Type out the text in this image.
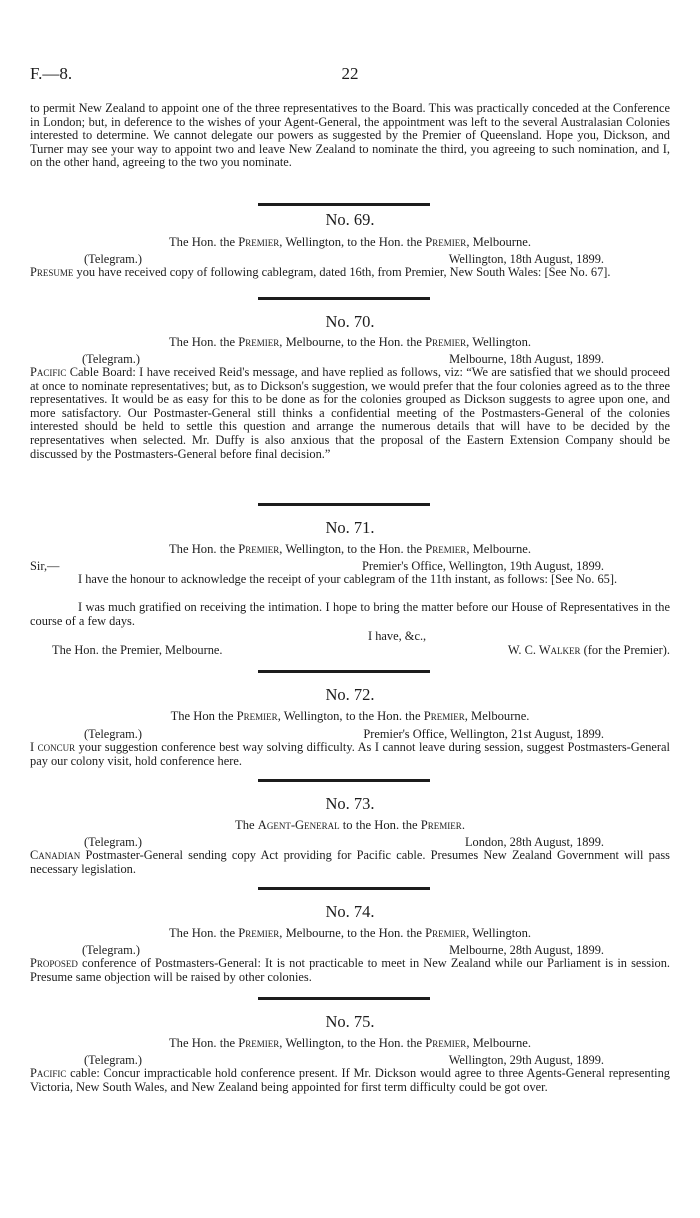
F.—8.	22

to permit New Zealand to appoint one of the three representatives to the Board. This was practically conceded at the Conference in London; but, in deference to the wishes of your Agent-General, the appointment was left to the several Australasian Colonies interested to determine. We cannot delegate our powers as suggested by the Premier of Queensland. Hope you, Dickson, and Turner may see your way to appoint two and leave New Zealand to nominate the third, you agreeing to such nomination, and I, on the other hand, agreeing to the two you nominate.

No. 69.
The Hon. the Premier, Wellington, to the Hon. the Premier, Melbourne.
(Telegram.)	Wellington, 18th August, 1899.

Presume you have received copy of following cablegram, dated 16th, from Premier, New South Wales: [See No. 67].

No. 70.
The Hon. the Premier, Melbourne, to the Hon. the Premier, Wellington.
(Telegram.)	Melbourne, 18th August, 1899.

Pacific Cable Board: I have received Reid's message, and have replied as follows, viz: “We are satisfied that we should proceed at once to nominate representatives; but, as to Dickson's suggestion, we would prefer that the four colonies agreed as to the three representatives. It would be as easy for this to be done as for the colonies grouped as Dickson suggests to agree upon one, and more satisfactory. Our Postmaster-General still thinks a confidential meeting of the Postmasters-General of the colonies interested should be held to settle this question and arrange the numerous details that will have to be decided by the representatives when selected. Mr. Duffy is also anxious that the proposal of the Eastern Extension Company should be discussed by the Postmasters-General before final decision.”

No. 71.
The Hon. the Premier, Wellington, to the Hon. the Premier, Melbourne.
Sir,—	Premier's Office, Wellington, 19th August, 1899.

I have the honour to acknowledge the receipt of your cablegram of the 11th instant, as follows: [See No. 65].

I was much gratified on receiving the intimation. I hope to bring the matter before our House of Representatives in the course of a few days.

I have, &c.,
The Hon. the Premier, Melbourne.	W. C. Walker (for the Premier).
No. 72.
The Hon the Premier, Wellington, to the Hon. the Premier, Melbourne.
(Telegram.)	Premier's Office, Wellington, 21st August, 1899.

I concur your suggestion conference best way solving difficulty. As I cannot leave during session, suggest Postmasters-General pay our colony visit, hold conference here.

No. 73.
The Agent-General to the Hon. the Premier.
(Telegram.)	London, 28th August, 1899.

Canadian Postmaster-General sending copy Act providing for Pacific cable. Presumes New Zealand Government will pass necessary legislation.

No. 74.
The Hon. the Premier, Melbourne, to the Hon. the Premier, Wellington.
(Telegram.)	Melbourne, 28th August, 1899.

Proposed conference of Postmasters-General: It is not practicable to meet in New Zealand while our Parliament is in session. Presume same objection will be raised by other colonies.

No. 75.
The Hon. the Premier, Wellington, to the Hon. the Premier, Melbourne.
(Telegram.)	Wellington, 29th August, 1899.

Pacific cable: Concur impracticable hold conference present. If Mr. Dickson would agree to three Agents-General representing Victoria, New South Wales, and New Zealand being appointed for first term difficulty could be got over.
